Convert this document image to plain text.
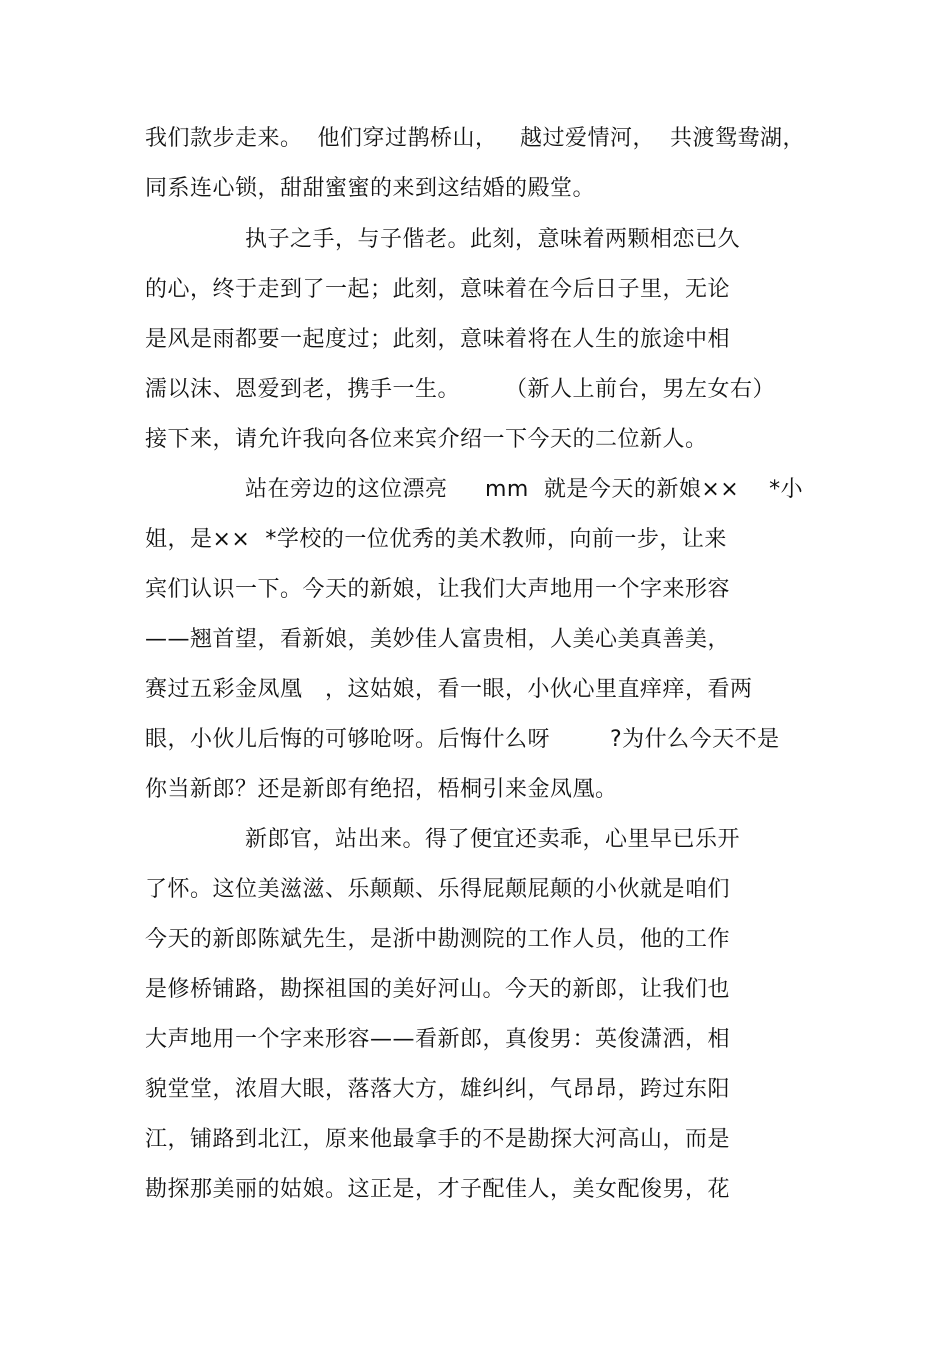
我们款步走来。  他们穿过鹊桥山，   越过爱情河，  共渡鸳鸯湖，
同系连心锁，甜甜蜜蜜的来到这结婚的殿堂。
执子之手，与子偕老。此刻，意味着两颗相恋已久
的心，终于走到了一起；此刻，意味着在今后日子里，无论
是风是雨都要一起度过；此刻，意味着将在人生的旅途中相
濡以沫、恩爱到老，携手一生。      （新人上前台，男左女右）
接下来，请允许我向各位来宾介绍一下今天的二位新人。
站在旁边的这位漂亮     mm  就是今天的新娘××    *小
姐，是××  *学校的一位优秀的美术教师，向前一步，让来
宾们认识一下。今天的新娘，让我们大声地用一个字来形容
——翘首望，看新娘，美妙佳人富贵相，人美心美真善美，
赛过五彩金凤凰   ，这姑娘，看一眼，小伙心里直痒痒，看两
眼，小伙儿后悔的可够呛呀。后悔什么呀        ?为什么今天不是
你当新郎？还是新郎有绝招，梧桐引来金凤凰。
新郎官，站出来。得了便宜还卖乖，心里早已乐开
了怀。这位美滋滋、乐颠颠、乐得屁颠屁颠的小伙就是咱们
今天的新郎陈斌先生，是浙中勘测院的工作人员，他的工作
是修桥铺路，勘探祖国的美好河山。今天的新郎，让我们也
大声地用一个字来形容——看新郎，真俊男：英俊潇洒，相
貌堂堂，浓眉大眼，落落大方，雄纠纠，气昂昂，跨过东阳
江，铺路到北江，原来他最拿手的不是勘探大河高山，而是
勘探那美丽的姑娘。这正是，才子配佳人，美女配俊男，花
